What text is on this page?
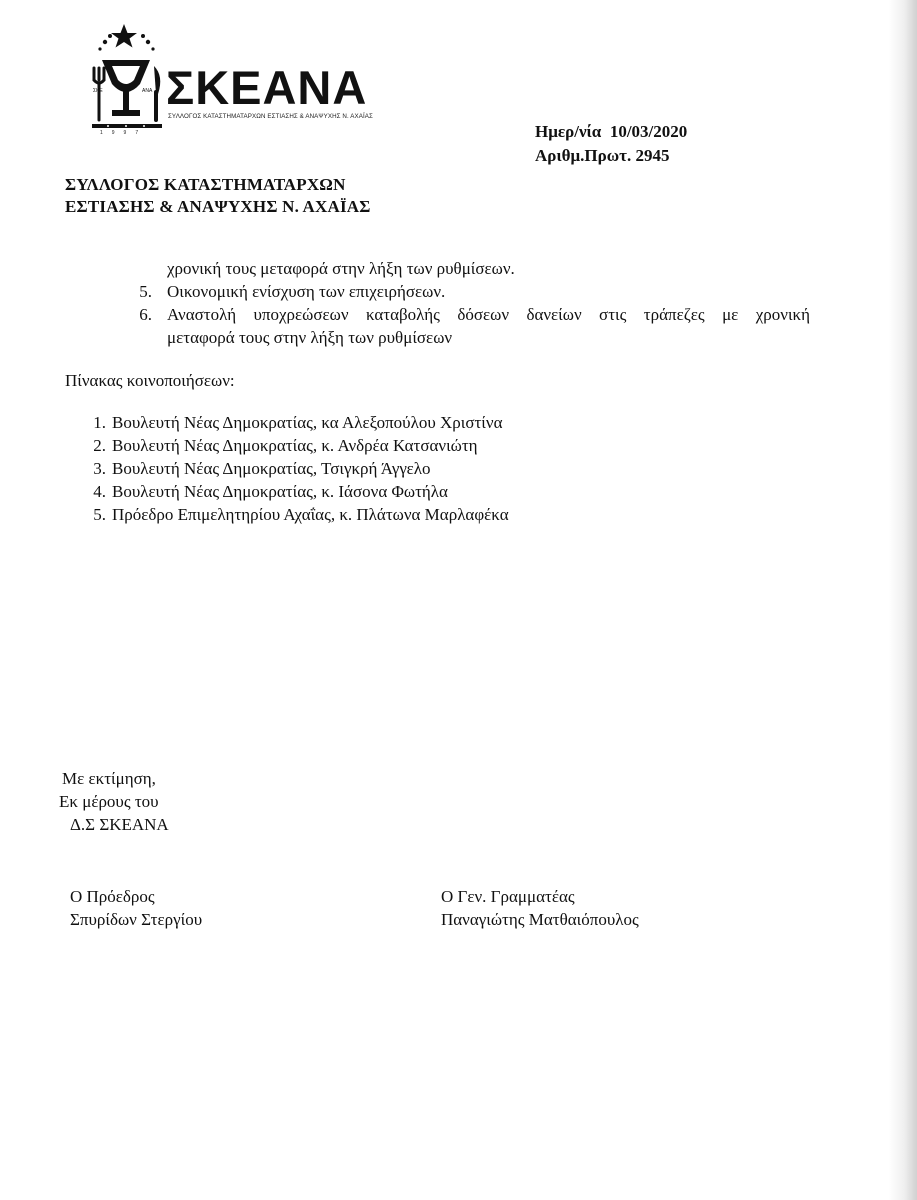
ΣΚΕ	ΑΝΑ
1997
ΣΚΕΑΝΑ
ΣΥΛΛΟΓΟΣ ΚΑΤΑΣΤΗΜΑΤΑΡΧΩΝ ΕΣΤΙΑΣΗΣ & ΑΝΑΨΥΧΗΣ Ν. ΑΧΑΪΑΣ
Ημερ/νία 10/03/2020
Αριθμ.Πρωτ. 2945
ΣΥΛΛΟΓΟΣ ΚΑΤΑΣΤΗΜΑΤΑΡΧΩΝ
ΕΣΤΙΑΣΗΣ & ΑΝΑΨΥΧΗΣ Ν. ΑΧΑΪΑΣ
χρονική τους μεταφορά στην λήξη των ρυθμίσεων.
5. Οικονομική ενίσχυση των επιχειρήσεων.
6. Αναστολή υποχρεώσεων καταβολής δόσεων δανείων στις τράπεζες με χρονική
μεταφορά τους στην λήξη των ρυθμίσεων
Πίνακας κοινοποιήσεων:
1. Βουλευτή Νέας Δημοκρατίας, κα Αλεξοπούλου Χριστίνα
2. Βουλευτή Νέας Δημοκρατίας, κ. Ανδρέα Κατσανιώτη
3. Βουλευτή Νέας Δημοκρατίας, Τσιγκρή Άγγελο
4. Βουλευτή Νέας Δημοκρατίας, κ. Ιάσονα Φωτήλα
5. Πρόεδρο Επιμελητηρίου Αχαΐας, κ. Πλάτωνα Μαρλαφέκα
Με εκτίμηση,
Εκ μέρους του
Δ.Σ ΣΚΕΑΝΑ
Ο Πρόεδρος
Σπυρίδων Στεργίου
Ο Γεν. Γραμματέας
Παναγιώτης Ματθαιόπουλος
